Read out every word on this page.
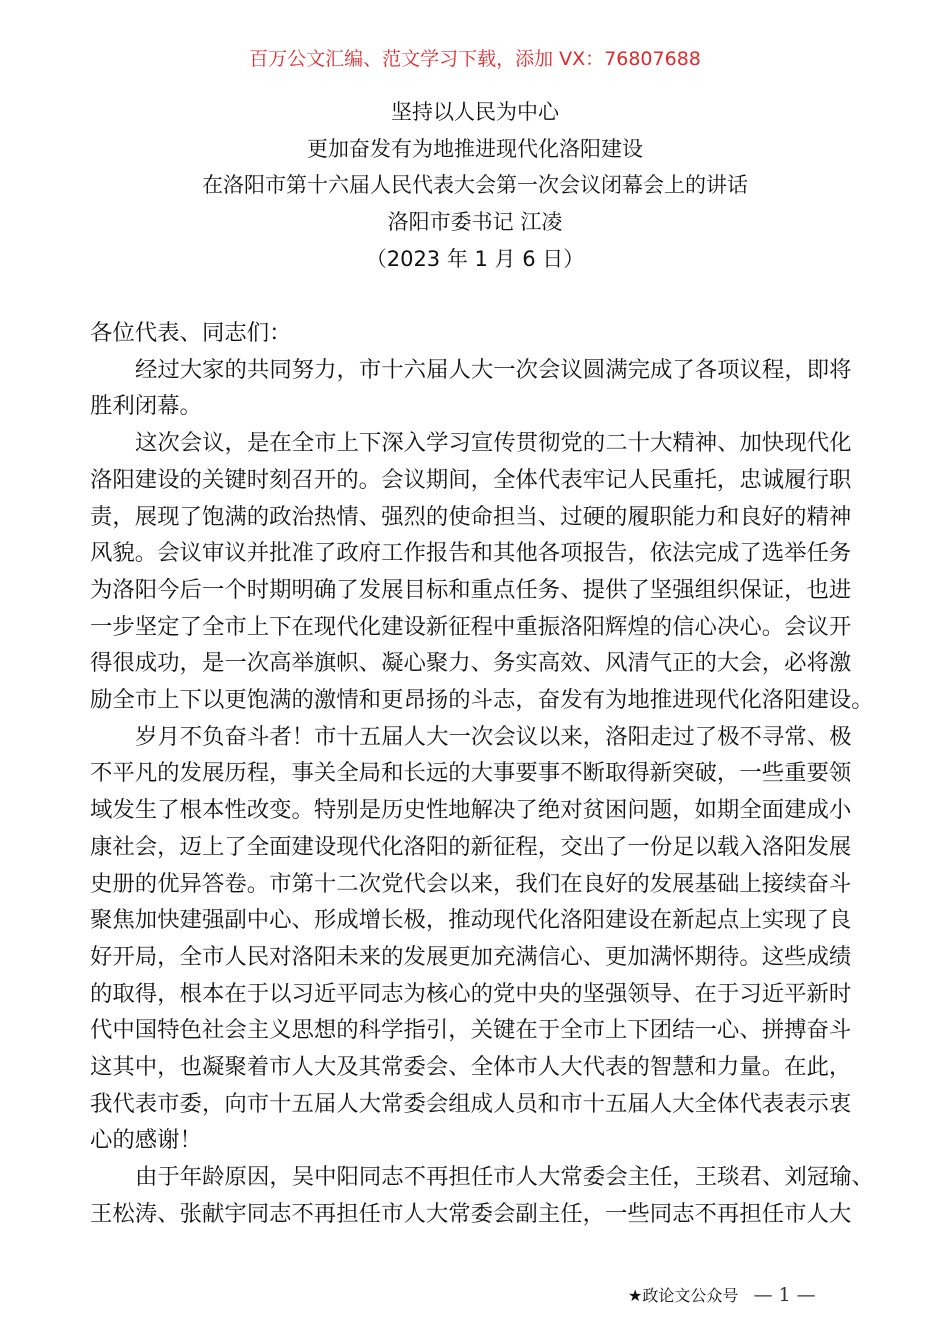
百万公文汇编、范文学习下载，添加 VX：76807688
坚持以人民为中心
更加奋发有为地推进现代化洛阳建设
在洛阳市第十六届人民代表大会第一次会议闭幕会上的讲话
洛阳市委书记 江凌
（2023 年 1 月 6 日）
各位代表、同志们：
经过大家的共同努力，市十六届人大一次会议圆满完成了各项议程，即将
胜利闭幕。
这次会议，是在全市上下深入学习宣传贯彻党的二十大精神、加快现代化
洛阳建设的关键时刻召开的。会议期间，全体代表牢记人民重托，忠诚履行职
责，展现了饱满的政治热情、强烈的使命担当、过硬的履职能力和良好的精神
风貌。会议审议并批准了政府工作报告和其他各项报告，依法完成了选举任务
为洛阳今后一个时期明确了发展目标和重点任务、提供了坚强组织保证，也进
一步坚定了全市上下在现代化建设新征程中重振洛阳辉煌的信心决心。会议开
得很成功，是一次高举旗帜、凝心聚力、务实高效、风清气正的大会，必将激
励全市上下以更饱满的激情和更昂扬的斗志，奋发有为地推进现代化洛阳建设。
岁月不负奋斗者！市十五届人大一次会议以来，洛阳走过了极不寻常、极
不平凡的发展历程，事关全局和长远的大事要事不断取得新突破，一些重要领
域发生了根本性改变。特别是历史性地解决了绝对贫困问题，如期全面建成小
康社会，迈上了全面建设现代化洛阳的新征程，交出了一份足以载入洛阳发展
史册的优异答卷。市第十二次党代会以来，我们在良好的发展基础上接续奋斗
聚焦加快建强副中心、形成增长极，推动现代化洛阳建设在新起点上实现了良
好开局，全市人民对洛阳未来的发展更加充满信心、更加满怀期待。这些成绩
的取得，根本在于以习近平同志为核心的党中央的坚强领导、在于习近平新时
代中国特色社会主义思想的科学指引，关键在于全市上下团结一心、拼搏奋斗
这其中，也凝聚着市人大及其常委会、全体市人大代表的智慧和力量。在此，
我代表市委，向市十五届人大常委会组成人员和市十五届人大全体代表表示衷
心的感谢！
由于年龄原因，吴中阳同志不再担任市人大常委会主任，王琰君、刘冠瑜、
王松涛、张献宇同志不再担任市人大常委会副主任，一些同志不再担任市人大
★政论文公众号 — 1 —
